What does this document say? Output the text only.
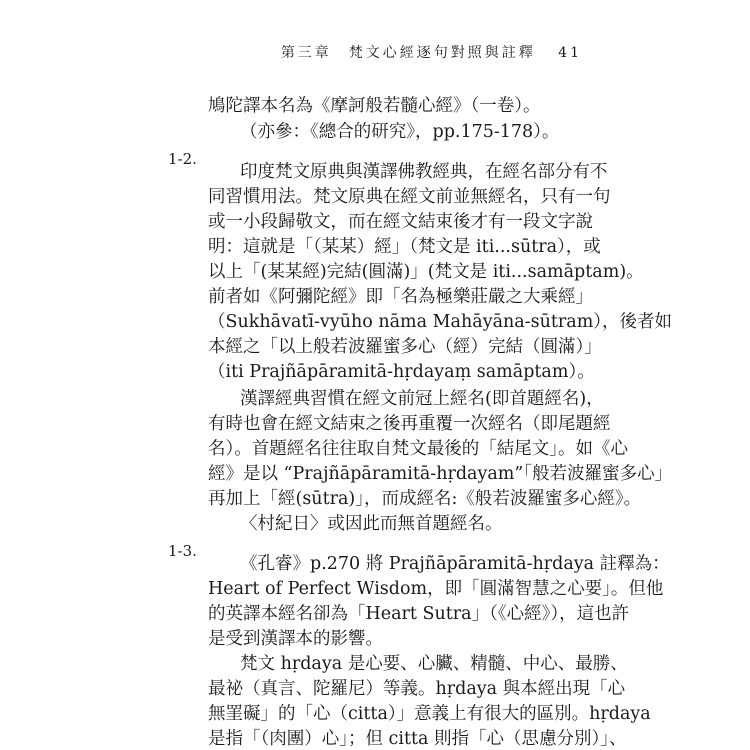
第三章　梵文心經逐句對照與註釋 41
鳩陀譯本名為《摩訶般若髓心經》（一卷）。
（亦參：《總合的研究》，pp.175-178）。
1-2.
印度梵文原典與漢譯佛教經典，在經名部分有不
同習慣用法。梵文原典在經文前並無經名，只有一句
或一小段歸敬文，而在經文結束後才有一段文字說
明：這就是「（某某）經」（梵文是 iti...sūtra），或
以上「(某某經)完結(圓滿)」(梵文是 iti...samāptam)。
前者如《阿彌陀經》即「名為極樂莊嚴之大乘經」
（Sukhāvatī-vyūho nāma Mahāyāna-sūtram），後者如
本經之「以上般若波羅蜜多心（經）完結（圓滿）」
（iti Prajñāpāramitā-hṛdayaṃ samāptam）。
漢譯經典習慣在經文前冠上經名(即首題經名)，
有時也會在經文結束之後再重覆一次經名（即尾題經
名）。首題經名往往取自梵文最後的「結尾文」。如《心
經》是以 “Prajñāpāramitā-hṛdayam”「般若波羅蜜多心」
再加上「經(sūtra)」，而成經名:《般若波羅蜜多心經》。
〈村紀日〉或因此而無首題經名。
1-3.
《孔睿》p.270 將 Prajñāpāramitā-hṛdaya 註釋為：
Heart of Perfect Wisdom，即「圓滿智慧之心要」。但他
的英譯本經名卻為「Heart Sutra」（《心經》），這也許
是受到漢譯本的影響。
梵文 hṛdaya 是心要、心臟、精髓、中心、最勝、
最祕（真言、陀羅尼）等義。hṛdaya 與本經出現「心
無罣礙」的「心（citta）」意義上有很大的區別。hṛdaya
是指「（肉團）心」；但 citta 則指「心（思慮分別）」、
